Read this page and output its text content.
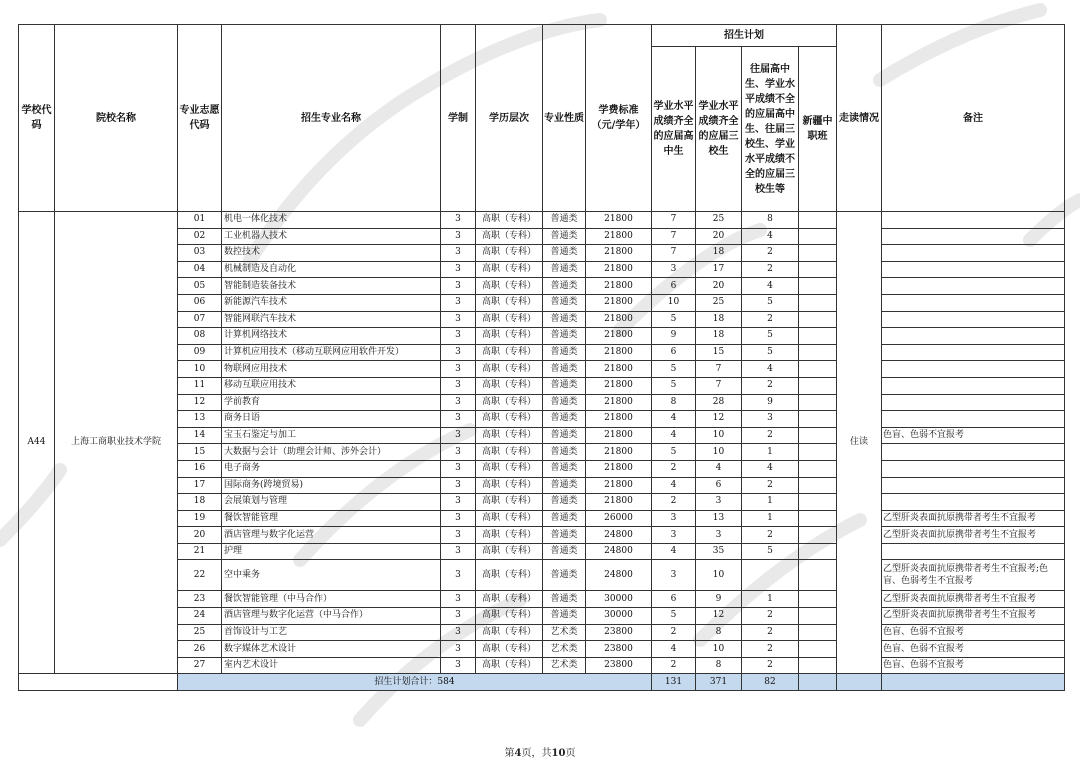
学校代码	院校名称	专业志愿代码	招生专业名称	学制	学历层次	专业性质	学费标准（元/学年）	招生计划				走读情况	备注
								学业水平成绩齐全的应届高中生	学业水平成绩齐全的应届三校生	往届高中生、学业水平成绩不全的应届高中生、往届三校生、学业水平成绩不全的应届三校生等	新疆中职班		
A44	上海工商职业技术学院	01	机电一体化技术	3	高职（专科）	普通类	21800	7	25	8		住读	
		02	工业机器人技术	3	高职（专科）	普通类	21800	7	20	4			
		03	数控技术	3	高职（专科）	普通类	21800	7	18	2			
		04	机械制造及自动化	3	高职（专科）	普通类	21800	3	17	2			
		05	智能制造装备技术	3	高职（专科）	普通类	21800	6	20	4			
		06	新能源汽车技术	3	高职（专科）	普通类	21800	10	25	5			
		07	智能网联汽车技术	3	高职（专科）	普通类	21800	5	18	2			
		08	计算机网络技术	3	高职（专科）	普通类	21800	9	18	5			
		09	计算机应用技术（移动互联网应用软件开发）	3	高职（专科）	普通类	21800	6	15	5			
		10	物联网应用技术	3	高职（专科）	普通类	21800	5	7	4			
		11	移动互联应用技术	3	高职（专科）	普通类	21800	5	7	2			
		12	学前教育	3	高职（专科）	普通类	21800	8	28	9			
		13	商务日语	3	高职（专科）	普通类	21800	4	12	3			
		14	宝玉石鉴定与加工	3	高职（专科）	普通类	21800	4	10	2			色盲、色弱不宜报考
		15	大数据与会计（助理会计师、涉外会计）	3	高职（专科）	普通类	21800	5	10	1			
		16	电子商务	3	高职（专科）	普通类	21800	2	4	4			
		17	国际商务(跨境贸易)	3	高职（专科）	普通类	21800	4	6	2			
		18	会展策划与管理	3	高职（专科）	普通类	21800	2	3	1			
		19	餐饮智能管理	3	高职（专科）	普通类	26000	3	13	1			乙型肝炎表面抗原携带者考生不宜报考
		20	酒店管理与数字化运营	3	高职（专科）	普通类	24800	3	3	2			乙型肝炎表面抗原携带者考生不宜报考
		21	护理	3	高职（专科）	普通类	24800	4	35	5			
		22	空中乘务	3	高职（专科）	普通类	24800	3	10				乙型肝炎表面抗原携带者考生不宜报考;色盲、色弱考生不宜报考
		23	餐饮智能管理（中马合作）	3	高职（专科）	普通类	30000	6	9	1			乙型肝炎表面抗原携带者考生不宜报考
		24	酒店管理与数字化运营（中马合作）	3	高职（专科）	普通类	30000	5	12	2			乙型肝炎表面抗原携带者考生不宜报考
		25	首饰设计与工艺	3	高职（专科）	艺术类	23800	2	8	2			色盲、色弱不宜报考
		26	数字媒体艺术设计	3	高职（专科）	艺术类	23800	4	10	2			色盲、色弱不宜报考
		27	室内艺术设计	3	高职（专科）	艺术类	23800	2	8	2			色盲、色弱不宜报考
		招生计划合计：584						131	371	82			
第4页，共10页
